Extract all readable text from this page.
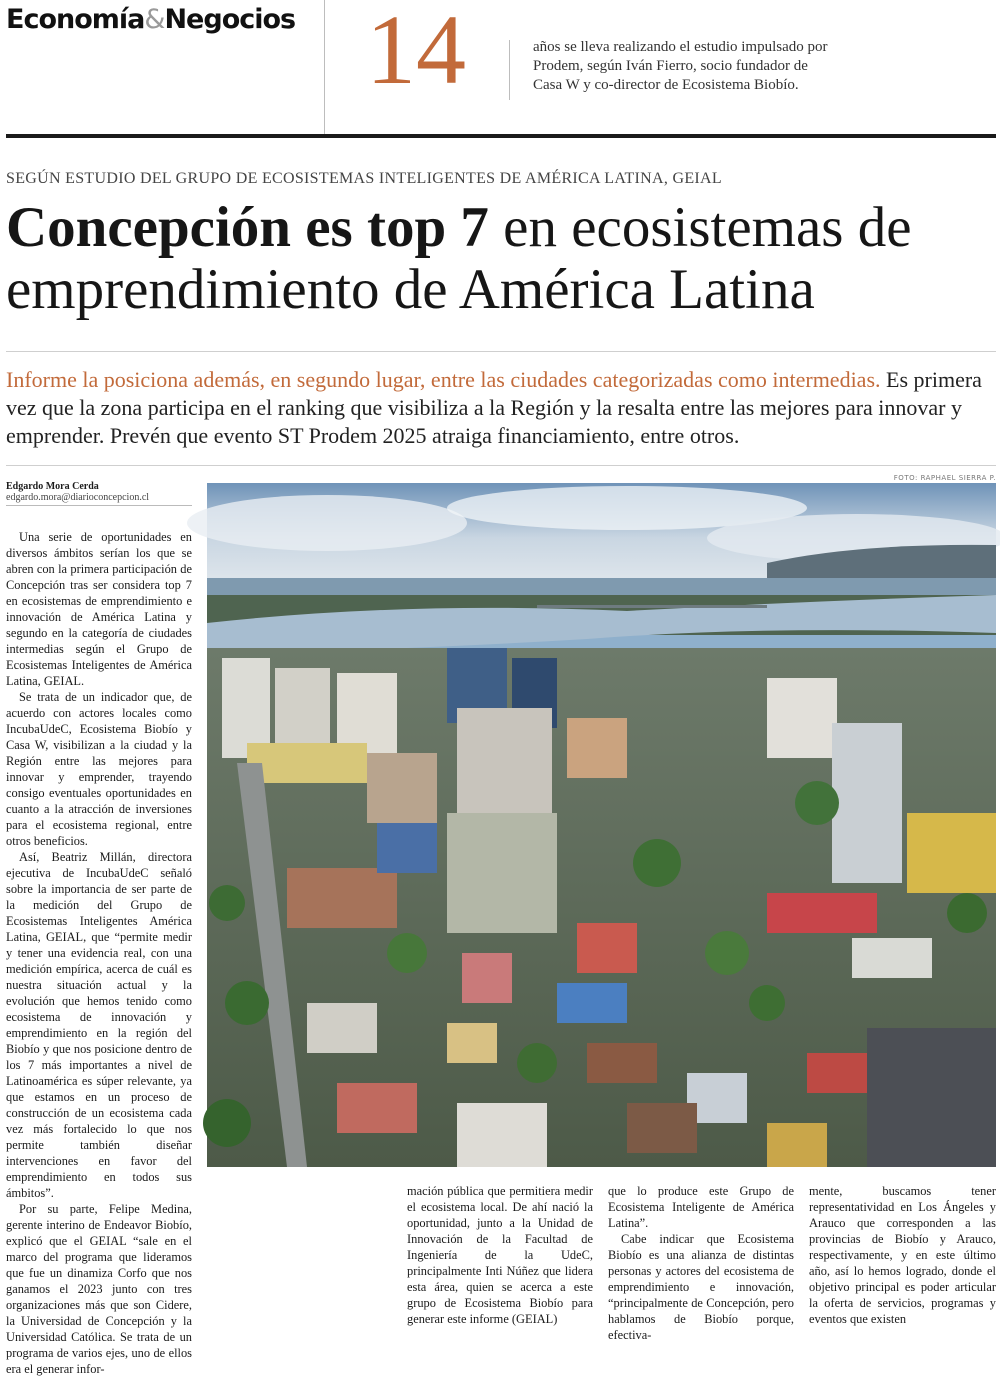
Economía&Negocios 14	años se lleva realizando el estudio impulsado por Prodem, según Iván Fierro, socio fundador de Casa W y co-director de Ecosistema Biobío.
SEGÚN ESTUDIO DEL GRUPO DE ECOSISTEMAS INTELIGENTES DE AMÉRICA LATINA, GEIAL
Concepción es top 7 en ecosistemas de emprendimiento de América Latina
Informe la posiciona además, en segundo lugar, entre las ciudades categorizadas como intermedias. Es primera vez que la zona participa en el ranking que visibiliza a la Región y la resalta entre las mejores para innovar y emprender. Prevén que evento ST Prodem 2025 atraiga financiamiento, entre otros.
Edgardo Mora Cerda
edgardo.mora@diarioconcepcion.cl
FOTO: RAPHAEL SIERRA P.

Una serie de oportunidades en diversos ámbitos serían los que se abren con la primera participación de Concepción tras ser considera top 7 en ecosistemas de emprendimiento e innovación de América Latina y segundo en la categoría de ciudades intermedias según el Grupo de Ecosistemas Inteligentes de América Latina, GEIAL.

Se trata de un indicador que, de acuerdo con actores locales como IncubaUdeC, Ecosistema Biobío y Casa W, visibilizan a la ciudad y la Región entre las mejores para innovar y emprender, trayendo consigo eventuales oportunidades en cuanto a la atracción de inversiones para el ecosistema regional, entre otros beneficios.

Así, Beatriz Millán, directora ejecutiva de IncubaUdeC señaló sobre la importancia de ser parte de la medición del Grupo de Ecosistemas Inteligentes América Latina, GEIAL, que “permite medir y tener una evidencia real, con una medición empírica, acerca de cuál es nuestra situación actual y la evolución que hemos tenido como ecosistema de innovación y emprendimiento en la región del Biobío y que nos posicione dentro de los 7 más importantes a nivel de Latinoamérica es súper relevante, ya que estamos en un proceso de construcción de un ecosistema cada vez más fortalecido lo que nos permite también diseñar intervenciones en favor del emprendimiento en todos sus ámbitos”.

Por su parte, Felipe Medina, gerente interino de Endeavor Biobío, explicó que el GEIAL “sale en el marco del programa que lideramos que fue un dinamiza Corfo que nos ganamos el 2023 junto con tres organizaciones más que son Cidere, la Universidad de Concepción y la Universidad Católica. Se trata de un programa de varios ejes, uno de ellos era el generar infor-

mación pública que permitiera medir el ecosistema local. De ahí nació la oportunidad, junto a la Unidad de Innovación de la Facultad de Ingeniería de la UdeC, principalmente Inti Núñez que lidera esta área, quien se acerca a este grupo de Ecosistema Biobío para generar este informe (GEIAL)

que lo produce este Grupo de Ecosistema Inteligente de América Latina”.

Cabe indicar que Ecosistema Biobío es una alianza de distintas personas y actores del ecosistema de emprendimiento e innovación, “principalmente de Concepción, pero hablamos de Biobío porque, efectiva-

mente, buscamos tener representatividad en Los Ángeles y Arauco que corresponden a las provincias de Biobío y Arauco, respectivamente, y en este último año, así lo hemos logrado, donde el objetivo principal es poder articular la oferta de servicios, programas y eventos que existen
